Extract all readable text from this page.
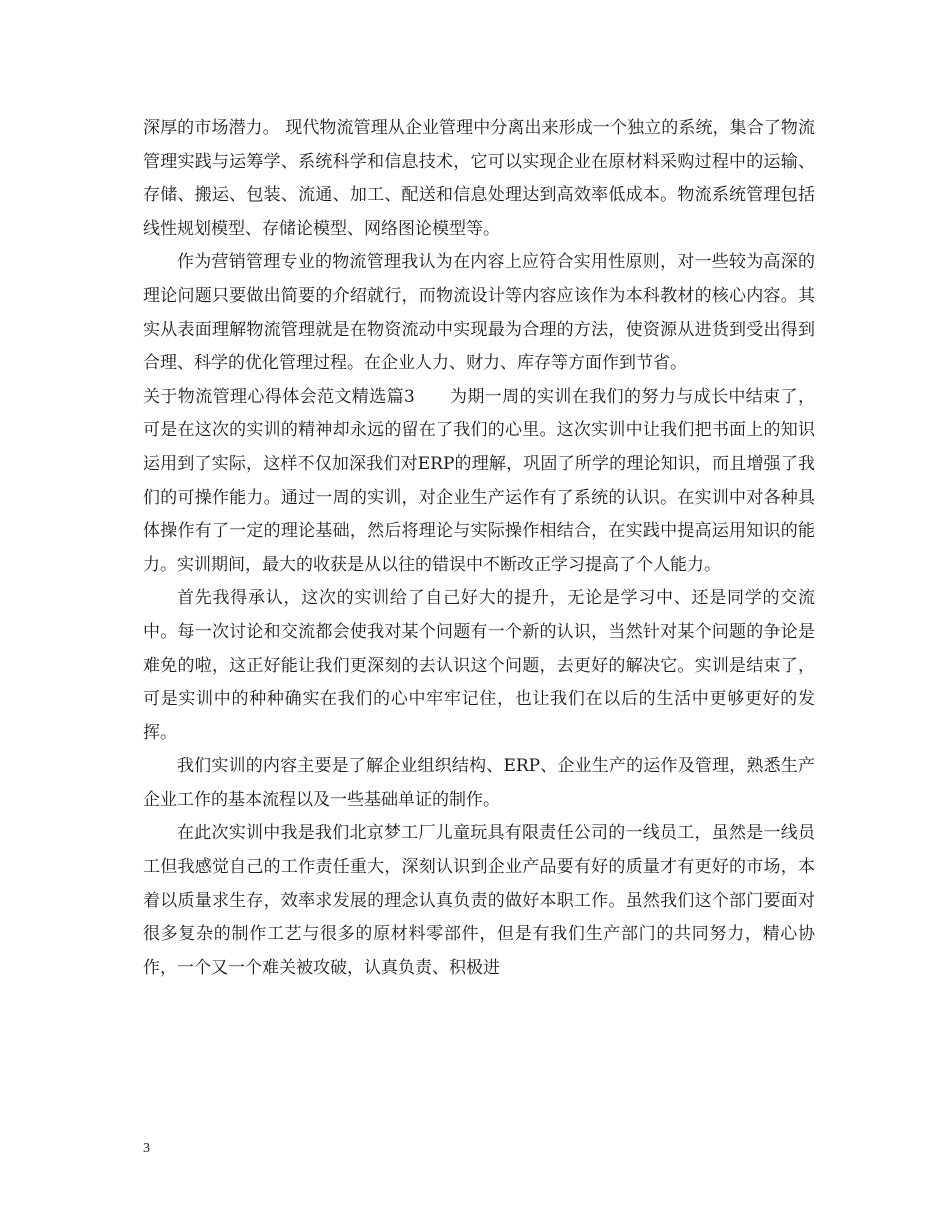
深厚的市场潜力。 现代物流管理从企业管理中分离出来形成一个独立的系统，集合了物流管理实践与运筹学、系统科学和信息技术，它可以实现企业在原材料采购过程中的运输、存储、搬运、包装、流通、加工、配送和信息处理达到高效率低成本。物流系统管理包括线性规划模型、存储论模型、网络图论模型等。

作为营销管理专业的物流管理我认为在内容上应符合实用性原则，对一些较为高深的理论问题只要做出简要的介绍就行，而物流设计等内容应该作为本科教材的核心内容。其实从表面理解物流管理就是在物资流动中实现最为合理的方法，使资源从进货到受出得到合理、科学的优化管理过程。在企业人力、财力、库存等方面作到节省。

关于物流管理心得体会范文精选篇3　　为期一周的实训在我们的努力与成长中结束了，可是在这次的实训的精神却永远的留在了我们的心里。这次实训中让我们把书面上的知识运用到了实际，这样不仅加深我们对ERP的理解，巩固了所学的理论知识，而且增强了我们的可操作能力。通过一周的实训，对企业生产运作有了系统的认识。在实训中对各种具体操作有了一定的理论基础，然后将理论与实际操作相结合，在实践中提高运用知识的能力。实训期间，最大的收获是从以往的错误中不断改正学习提高了个人能力。

首先我得承认，这次的实训给了自己好大的提升，无论是学习中、还是同学的交流中。每一次讨论和交流都会使我对某个问题有一个新的认识，当然针对某个问题的争论是难免的啦，这正好能让我们更深刻的去认识这个问题，去更好的解决它。实训是结束了，可是实训中的种种确实在我们的心中牢牢记住，也让我们在以后的生活中更够更好的发挥。

我们实训的内容主要是了解企业组织结构、ERP、企业生产的运作及管理，熟悉生产企业工作的基本流程以及一些基础单证的制作。

在此次实训中我是我们北京梦工厂儿童玩具有限责任公司的一线员工，虽然是一线员工但我感觉自己的工作责任重大，深刻认识到企业产品要有好的质量才有更好的市场，本着以质量求生存，效率求发展的理念认真负责的做好本职工作。虽然我们这个部门要面对很多复杂的制作工艺与很多的原材料零部件，但是有我们生产部门的共同努力，精心协作，一个又一个难关被攻破，认真负责、积极进

3
